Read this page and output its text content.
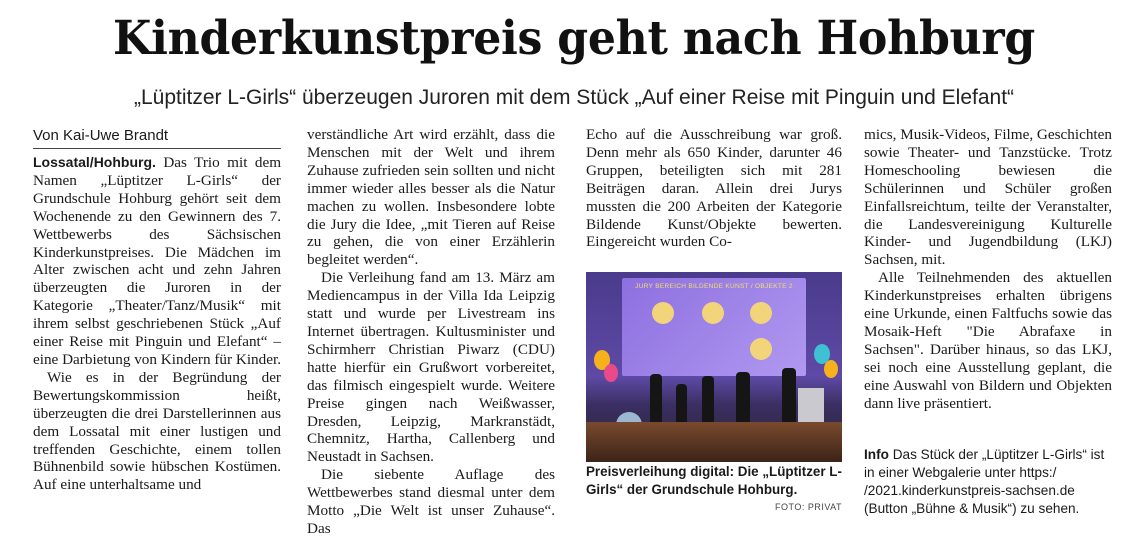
Kinderkunstpreis geht nach Hohburg
„Lüptitzer L-Girls“ überzeugen Juroren mit dem Stück „Auf einer Reise mit Pinguin und Elefant“
Von Kai-Uwe Brandt

Lossatal/Hohburg. Das Trio mit dem Namen „Lüptitzer L-Girls“ der Grundschule Hohburg gehört seit dem Wochenende zu den Gewinnern des 7. Wettbewerbs des Sächsischen Kinderkunstpreises. Die Mädchen im Alter zwischen acht und zehn Jahren überzeugten die Juroren in der Kategorie „Theater/Tanz/Musik“ mit ihrem selbst geschriebenen Stück „Auf einer Reise mit Pinguin und Elefant“ – eine Darbietung von Kindern für Kinder.

Wie es in der Begründung der Bewertungskommission heißt, überzeugten die drei Darstellerinnen aus dem Lossatal mit einer lustigen und treffenden Geschichte, einem tollen Bühnenbild sowie hübschen Kostümen. Auf eine unterhaltsame und

verständliche Art wird erzählt, dass die Menschen mit der Welt und ihrem Zuhause zufrieden sein sollten und nicht immer wieder alles besser als die Natur machen zu wollen. Insbesondere lobte die Jury die Idee, „mit Tieren auf Reise zu gehen, die von einer Erzählerin begleitet werden“.

Die Verleihung fand am 13. März am Mediencampus in der Villa Ida Leipzig statt und wurde per Livestream ins Internet übertragen. Kultusminister und Schirmherr Christian Piwarz (CDU) hatte hierfür ein Grußwort vorbereitet, das filmisch eingespielt wurde. Weitere Preise gingen nach Weißwasser, Dresden, Leipzig, Markranstädt, Chemnitz, Hartha, Callenberg und Neustadt in Sachsen.

Die siebente Auflage des Wettbewerbes stand diesmal unter dem Motto „Die Welt ist unser Zuhause“. Das

Echo auf die Ausschreibung war groß. Denn mehr als 650 Kinder, darunter 46 Gruppen, beteiligten sich mit 281 Beiträgen daran. Allein drei Jurys mussten die 200 Arbeiten der Kategorie Bildende Kunst/Objekte bewerten. Eingereicht wurden Co-

JURY BEREICH BILDENDE KUNST / OBJEKTE 2
Preisverleihung digital: Die „Lüptitzer L-Girls“ der Grundschule Hohburg.
FOTO: PRIVAT

mics, Musik-Videos, Filme, Geschichten sowie Theater- und Tanzstücke. Trotz Homeschooling bewiesen die Schülerinnen und Schüler großen Einfallsreichtum, teilte der Veranstalter, die Landesvereinigung Kulturelle Kinder- und Jugendbildung (LKJ) Sachsen, mit.

Alle Teilnehmenden des aktuellen Kinderkunstpreises erhalten übrigens eine Urkunde, einen Faltfuchs sowie das Mosaik-Heft "Die Abrafaxe in Sachsen". Darüber hinaus, so das LKJ, sei noch eine Ausstellung geplant, die eine Auswahl von Bildern und Objekten dann live präsentiert.

Info Das Stück der „Lüptitzer L-Girls“ ist in einer Webgalerie unter https:/ /2021.kinderkunstpreis-sachsen.de (Button „Bühne & Musik“) zu sehen.
